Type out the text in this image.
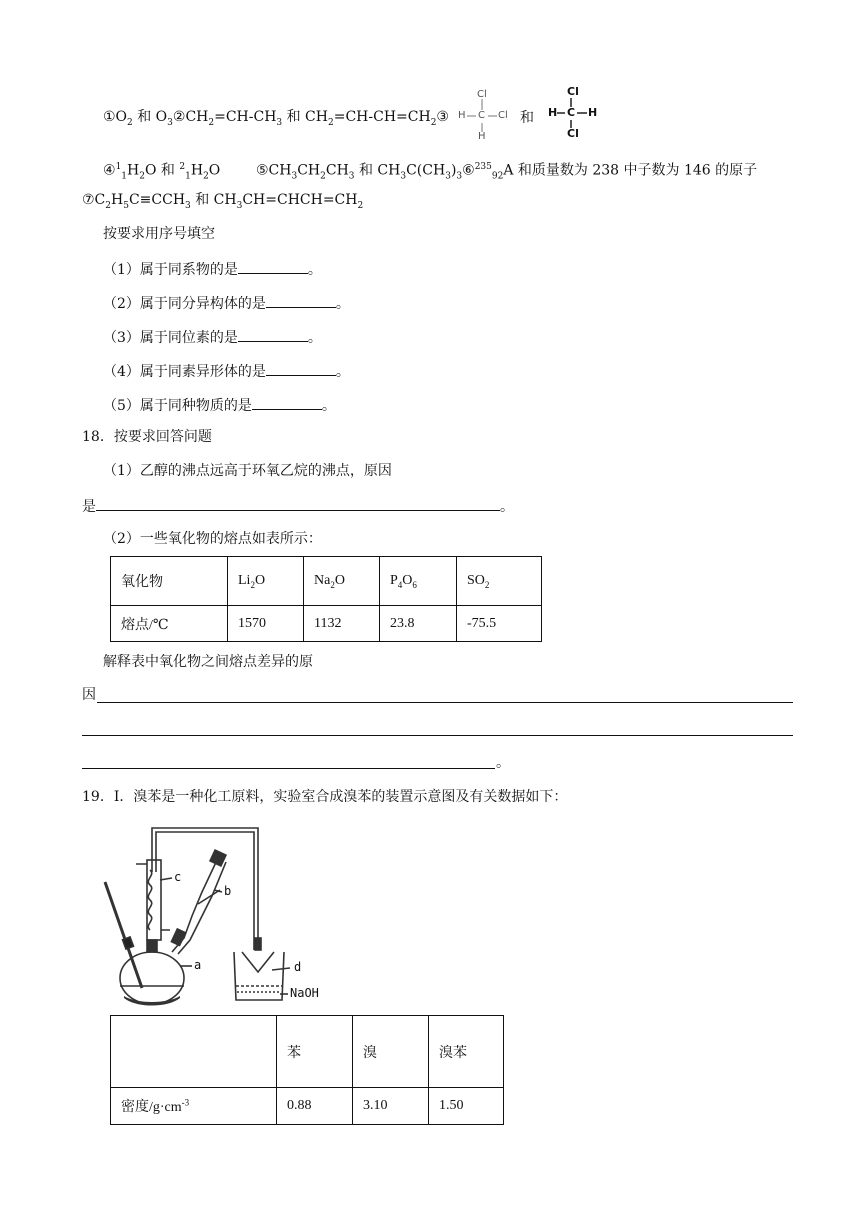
$①O_2$ 和 $O_3②CH_2=CH-CH_3$ 和 $CH_2=CH-CH=CH_2③$
Cl
H C Cl
H
和
Cl
H C H
Cl
$④^1_1H_2O$ 和 $^2_1H_2O$	$⑤CH_3CH_2CH_3$ 和 $CH_3C(CH_3)_3⑥^{235}_{92}A$ 和质量数为 238 中子数为 146 的原子
$⑦C_2H_5C\equiv CCH_3$ 和 $CH_3CH=CHCH=CH_2$
按要求用序号填空
（1）属于同系物的是	。
（2）属于同分异构体的是	。
（3）属于同位素的是	。
（4）属于同素异形体的是	。
（5）属于同种物质的是	。
18．按要求回答问题
（1）乙醇的沸点远高于环氧乙烷的沸点，原因
是	。
（2）一些氧化物的熔点如表所示：
氧化物	$Li_2O$	$Na_2O$	$P_4O_6$	$SO_2$
熔点/℃	1570	1132	23.8	-75.5
解释表中氧化物之间熔点差异的原
因
。
19．Ⅰ．溴苯是一种化工原料，实验室合成溴苯的装置示意图及有关数据如下：
c
b
a	d
NaOH
	苯	溴	溴苯
密度$/g\cdot cm^{-3}$	0.88	3.10	1.50
